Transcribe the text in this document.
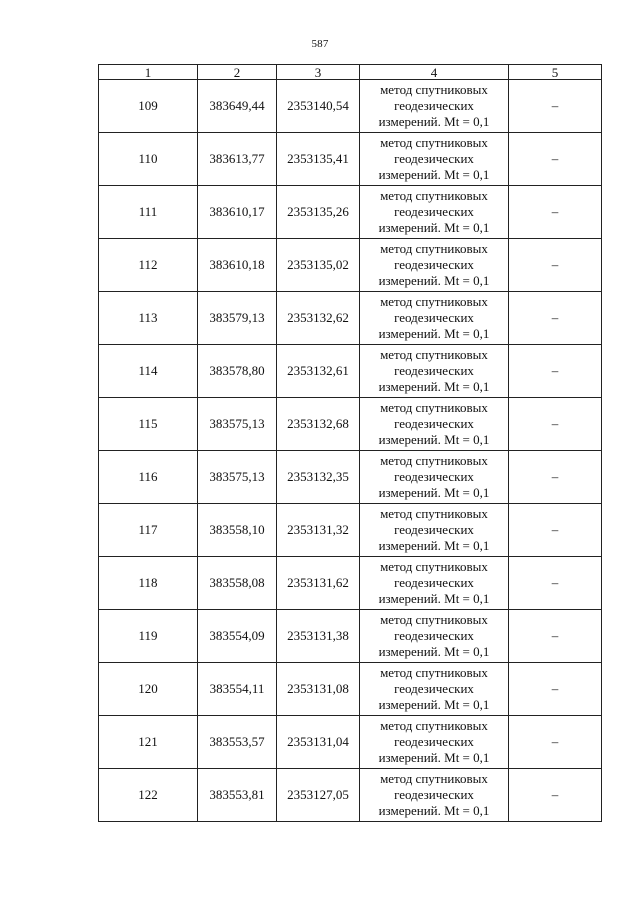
587
1	2	3	4	5
109	383649,44	2353140,54	метод спутниковых
геодезических
измерений. Mt = 0,1	–
110	383613,77	2353135,41	метод спутниковых
геодезических
измерений. Mt = 0,1	–
111	383610,17	2353135,26	метод спутниковых
геодезических
измерений. Mt = 0,1	–
112	383610,18	2353135,02	метод спутниковых
геодезических
измерений. Mt = 0,1	–
113	383579,13	2353132,62	метод спутниковых
геодезических
измерений. Mt = 0,1	–
114	383578,80	2353132,61	метод спутниковых
геодезических
измерений. Mt = 0,1	–
115	383575,13	2353132,68	метод спутниковых
геодезических
измерений. Mt = 0,1	–
116	383575,13	2353132,35	метод спутниковых
геодезических
измерений. Mt = 0,1	–
117	383558,10	2353131,32	метод спутниковых
геодезических
измерений. Mt = 0,1	–
118	383558,08	2353131,62	метод спутниковых
геодезических
измерений. Mt = 0,1	–
119	383554,09	2353131,38	метод спутниковых
геодезических
измерений. Mt = 0,1	–
120	383554,11	2353131,08	метод спутниковых
геодезических
измерений. Mt = 0,1	–
121	383553,57	2353131,04	метод спутниковых
геодезических
измерений. Mt = 0,1	–
122	383553,81	2353127,05	метод спутниковых
геодезических
измерений. Mt = 0,1	–
